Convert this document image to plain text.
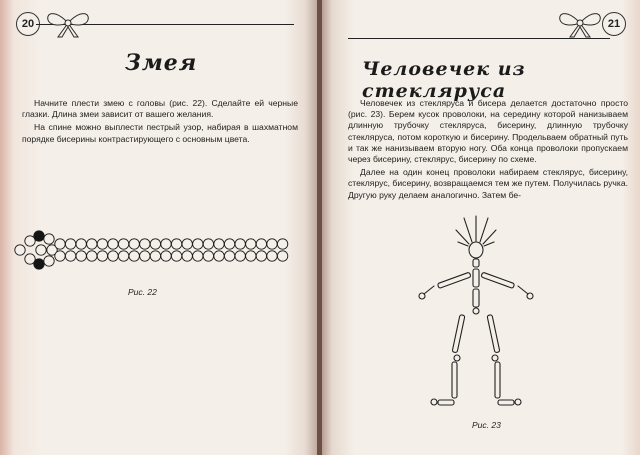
20
Змея

Начните плести змею с головы (рис. 22). Сделайте ей черные глазки. Длина змеи зависит от вашего желания.

На спине можно выплести пестрый узор, набирая в шахматном порядке бисерины контрастирующего с основным цвета.

Рис. 22
21
Человечек из стекляруса

Человечек из стекляруса и бисера делается достаточно просто (рис. 23). Берем кусок проволоки, на середину которой нанизываем длинную трубочку стекляруса, бисерину, длинную трубочку стекляруса, потом короткую и бисерину. Продельваем обратный путь и так же нанизываем вторую ногу. Оба конца проволоки пропускаем через бисерину, стеклярус, бисерину по схеме.

Далее на один конец проволоки набираем стеклярус, бисерину, стеклярус, бисерину, возвращаемся тем же путем. Получилась ручка. Другую руку делаем аналогично. Затем бе-

Рис. 23
